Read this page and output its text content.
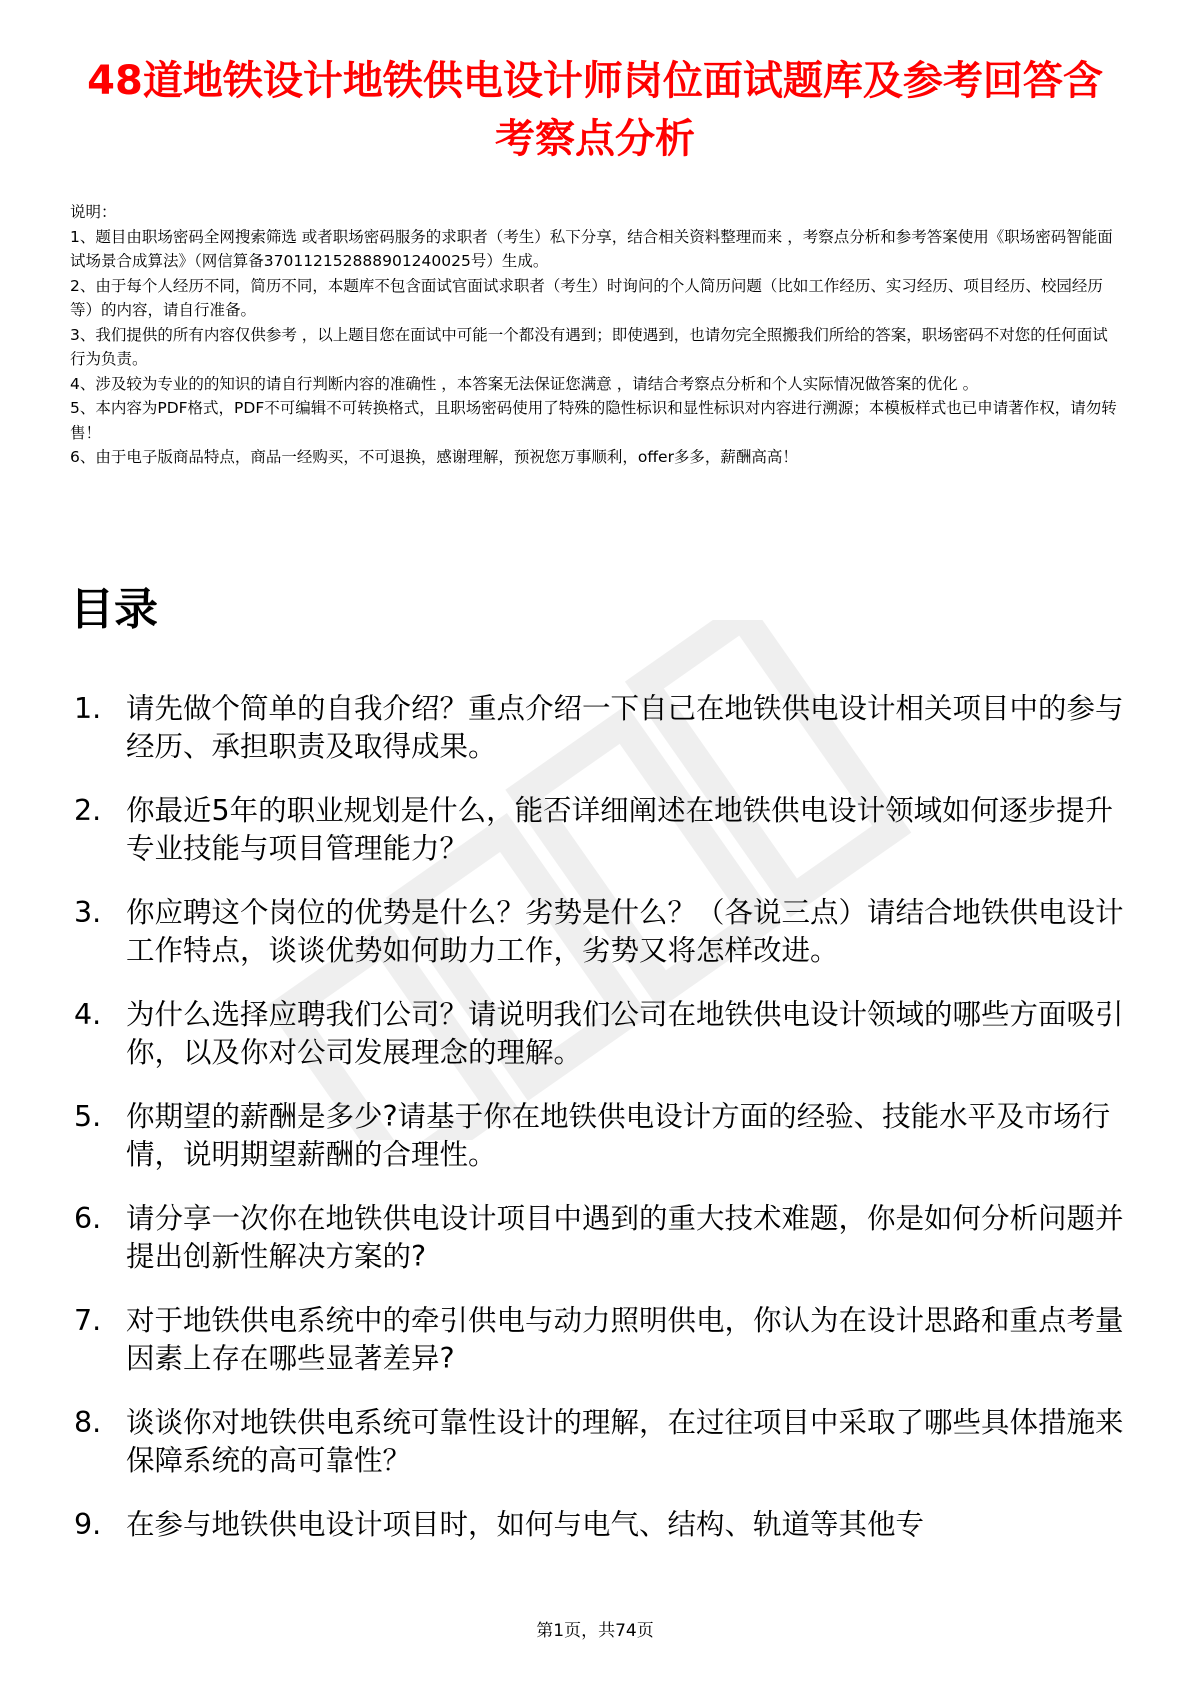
48道地铁设计地铁供电设计师岗位面试题库及参考回答含考察点分析
说明：
1、题目由职场密码全网搜索筛选 或者职场密码服务的求职者（考生）私下分享，结合相关资料整理而来 ，考察点分析和参考答案使用《职场密码智能面试场景合成算法》（网信算备370112152888901240025号）生成。
2、由于每个人经历不同，简历不同，本题库不包含面试官面试求职者（考生）时询问的个人简历问题（比如工作经历、实习经历、项目经历、校园经历等）的内容，请自行准备。
3、我们提供的所有内容仅供参考 ，以上题目您在面试中可能一个都没有遇到；即使遇到，也请勿完全照搬我们所给的答案，职场密码不对您的任何面试行为负责。
4、涉及较为专业的的知识的请自行判断内容的准确性 ，本答案无法保证您满意 ，请结合考察点分析和个人实际情况做答案的优化 。
5、本内容为PDF格式，PDF不可编辑不可转换格式，且职场密码使用了特殊的隐性标识和显性标识对内容进行溯源；本模板样式也已申请著作权，请勿转售！
6、由于电子版商品特点，商品一经购买，不可退换，感谢理解，预祝您万事顺利，offer多多，薪酬高高！
目录
1. 请先做个简单的自我介绍？重点介绍一下自己在地铁供电设计相关项目中的参与经历、承担职责及取得成果。
2. 你最近5年的职业规划是什么，能否详细阐述在地铁供电设计领域如何逐步提升专业技能与项目管理能力？
3. 你应聘这个岗位的优势是什么？劣势是什么？（各说三点）请结合地铁供电设计工作特点，谈谈优势如何助力工作，劣势又将怎样改进。
4. 为什么选择应聘我们公司？请说明我们公司在地铁供电设计领域的哪些方面吸引你，以及你对公司发展理念的理解。
5. 你期望的薪酬是多少?请基于你在地铁供电设计方面的经验、技能水平及市场行情，说明期望薪酬的合理性。
6. 请分享一次你在地铁供电设计项目中遇到的重大技术难题，你是如何分析问题并提出创新性解决方案的?
7. 对于地铁供电系统中的牵引供电与动力照明供电，你认为在设计思路和重点考量因素上存在哪些显著差异?
8. 谈谈你对地铁供电系统可靠性设计的理解，在过往项目中采取了哪些具体措施来保障系统的高可靠性？
9. 在参与地铁供电设计项目时，如何与电气、结构、轨道等其他专
第1页，共74页
